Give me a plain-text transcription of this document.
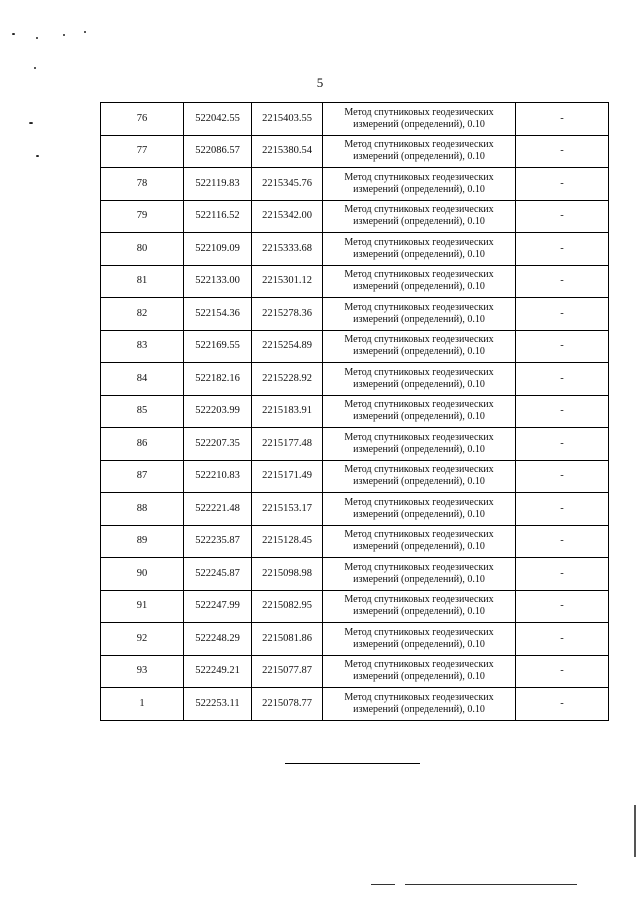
5
76	522042.55	2215403.55	Метод спутниковых геодезических
измерений (определений), 0.10	-
77	522086.57	2215380.54	Метод спутниковых геодезических
измерений (определений), 0.10	-
78	522119.83	2215345.76	Метод спутниковых геодезических
измерений (определений), 0.10	-
79	522116.52	2215342.00	Метод спутниковых геодезических
измерений (определений), 0.10	-
80	522109.09	2215333.68	Метод спутниковых геодезических
измерений (определений), 0.10	-
81	522133.00	2215301.12	Метод спутниковых геодезических
измерений (определений), 0.10	-
82	522154.36	2215278.36	Метод спутниковых геодезических
измерений (определений), 0.10	-
83	522169.55	2215254.89	Метод спутниковых геодезических
измерений (определений), 0.10	-
84	522182.16	2215228.92	Метод спутниковых геодезических
измерений (определений), 0.10	-
85	522203.99	2215183.91	Метод спутниковых геодезических
измерений (определений), 0.10	-
86	522207.35	2215177.48	Метод спутниковых геодезических
измерений (определений), 0.10	-
87	522210.83	2215171.49	Метод спутниковых геодезических
измерений (определений), 0.10	-
88	522221.48	2215153.17	Метод спутниковых геодезических
измерений (определений), 0.10	-
89	522235.87	2215128.45	Метод спутниковых геодезических
измерений (определений), 0.10	-
90	522245.87	2215098.98	Метод спутниковых геодезических
измерений (определений), 0.10	-
91	522247.99	2215082.95	Метод спутниковых геодезических
измерений (определений), 0.10	-
92	522248.29	2215081.86	Метод спутниковых геодезических
измерений (определений), 0.10	-
93	522249.21	2215077.87	Метод спутниковых геодезических
измерений (определений), 0.10	-
1	522253.11	2215078.77	Метод спутниковых геодезических
измерений (определений), 0.10	-
